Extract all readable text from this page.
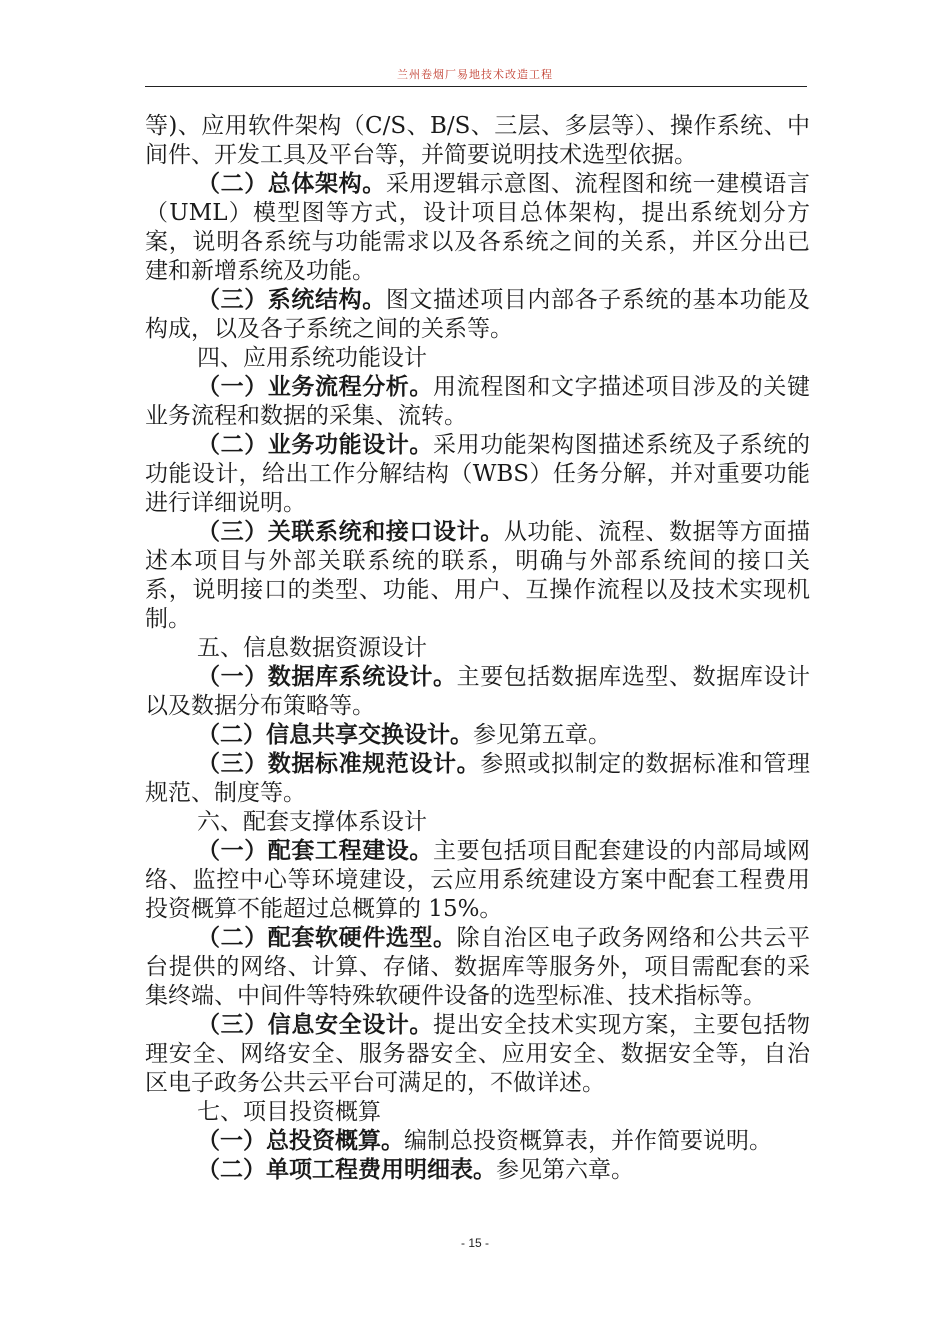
兰州卷烟厂易地技术改造工程

等)、应用软件架构（C/S、B/S、三层、多层等）、操作系统、中间件、开发工具及平台等，并简要说明技术选型依据。

（二）总体架构。采用逻辑示意图、流程图和统一建模语言（UML）模型图等方式，设计项目总体架构，提出系统划分方案，说明各系统与功能需求以及各系统之间的关系，并区分出已建和新增系统及功能。

（三）系统结构。图文描述项目内部各子系统的基本功能及构成，以及各子系统之间的关系等。

四、应用系统功能设计

（一）业务流程分析。用流程图和文字描述项目涉及的关键业务流程和数据的采集、流转。

（二）业务功能设计。采用功能架构图描述系统及子系统的功能设计，给出工作分解结构（WBS）任务分解，并对重要功能进行详细说明。

（三）关联系统和接口设计。从功能、流程、数据等方面描述本项目与外部关联系统的联系，明确与外部系统间的接口关系，说明接口的类型、功能、用户、互操作流程以及技术实现机制。

五、信息数据资源设计

（一）数据库系统设计。主要包括数据库选型、数据库设计以及数据分布策略等。

（二）信息共享交换设计。参见第五章。

（三）数据标准规范设计。参照或拟制定的数据标准和管理规范、制度等。

六、配套支撑体系设计

（一）配套工程建设。主要包括项目配套建设的内部局域网络、监控中心等环境建设，云应用系统建设方案中配套工程费用投资概算不能超过总概算的 15%。

（二）配套软硬件选型。除自治区电子政务网络和公共云平台提供的网络、计算、存储、数据库等服务外，项目需配套的采集终端、中间件等特殊软硬件设备的选型标准、技术指标等。

（三）信息安全设计。提出安全技术实现方案，主要包括物理安全、网络安全、服务器安全、应用安全、数据安全等，自治区电子政务公共云平台可满足的，不做详述。

七、项目投资概算

（一）总投资概算。编制总投资概算表，并作简要说明。

（二）单项工程费用明细表。参见第六章。

- 15 -
